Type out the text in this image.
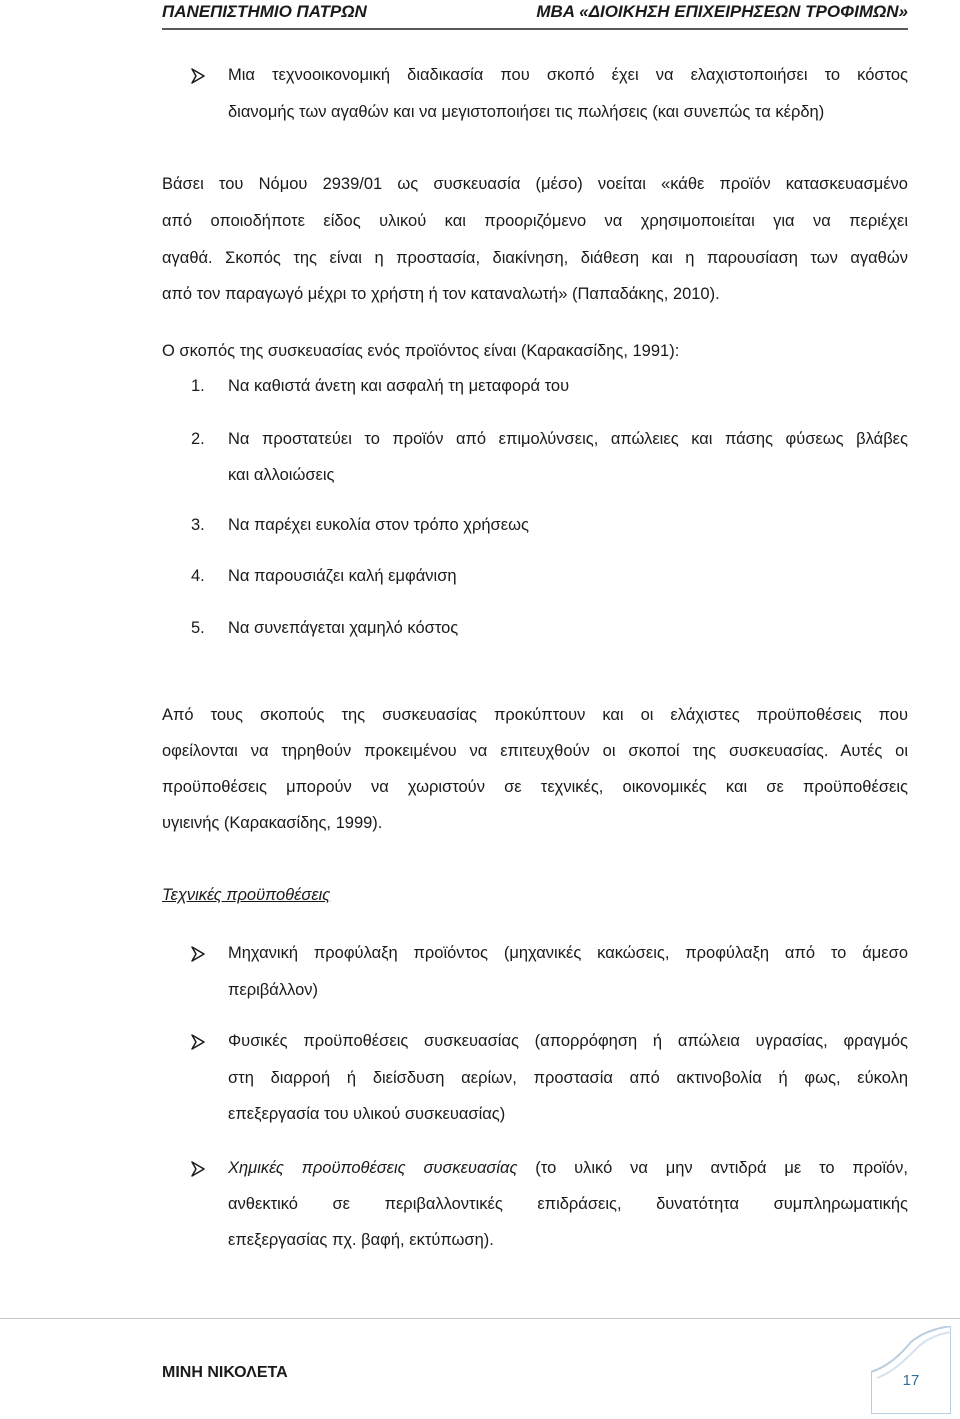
ΠΑΝΕΠΙΣΤΗΜΙΟ ΠΑΤΡΩΝ	ΜΒΑ «ΔΙΟΙΚΗΣΗ ΕΠΙΧΕΙΡΗΣΕΩΝ ΤΡΟΦΙΜΩΝ»
Μια τεχνοοικονομική διαδικασία που σκοπό έχει να ελαχιστοποιήσει το κόστος
διανομής των αγαθών και να μεγιστοποιήσει τις πωλήσεις (και συνεπώς τα κέρδη)
Βάσει του Νόμου 2939/01 ως συσκευασία (μέσο) νοείται «κάθε προϊόν κατασκευασμένο
από οποιοδήποτε είδος υλικού και προοριζόμενο να χρησιμοποιείται για να περιέχει
αγαθά. Σκοπός της είναι η προστασία, διακίνηση, διάθεση και η παρουσίαση των αγαθών
από τον παραγωγό μέχρι το χρήστη ή τον καταναλωτή» (Παπαδάκης, 2010).
Ο σκοπός της συσκευασίας ενός προϊόντος είναι (Καρακασίδης, 1991):
1. Να καθιστά άνετη και ασφαλή τη μεταφορά του
2. Να προστατεύει το προϊόν από επιμολύνσεις, απώλειες και πάσης φύσεως βλάβες
και αλλοιώσεις
3. Να παρέχει ευκολία στον τρόπο χρήσεως
4. Να παρουσιάζει καλή εμφάνιση
5. Να συνεπάγεται χαμηλό κόστος
Από τους σκοπούς της συσκευασίας προκύπτουν και οι ελάχιστες προϋποθέσεις που
οφείλονται να τηρηθούν προκειμένου να επιτευχθούν οι σκοποί της συσκευασίας. Αυτές οι
προϋποθέσεις μπορούν να χωριστούν σε τεχνικές, οικονομικές και σε προϋποθέσεις
υγιεινής (Καρακασίδης, 1999).
Τεχνικές προϋποθέσεις
Μηχανική προφύλαξη προϊόντος (μηχανικές κακώσεις, προφύλαξη από το άμεσο
περιβάλλον)
Φυσικές προϋποθέσεις συσκευασίας (απορρόφηση ή απώλεια υγρασίας, φραγμός
στη διαρροή ή διείσδυση αερίων, προστασία από ακτινοβολία ή φως, εύκολη
επεξεργασία του υλικού συσκευασίας)
Χημικές προϋποθέσεις συσκευασίας (το υλικό να μην αντιδρά με το προϊόν,
ανθεκτικό σε περιβαλλοντικές επιδράσεις, δυνατότητα συμπληρωματικής
επεξεργασίας πχ. βαφή, εκτύπωση).
ΜΙΝΗ ΝΙΚΟΛΕΤΑ	17
